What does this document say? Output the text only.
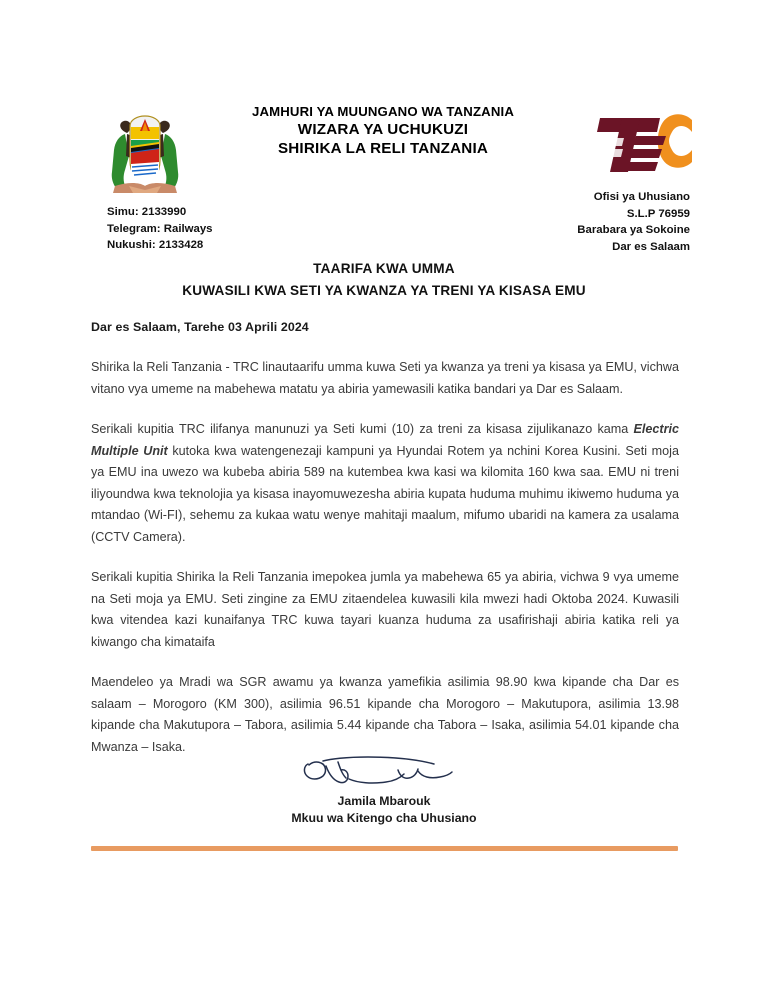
JAMHURI YA MUUNGANO WA TANZANIA
WIZARA YA UCHUKUZI
SHIRIKA LA RELI TANZANIA
Simu: 2133990
Telegram: Railways
Nukushi: 2133428
Ofisi ya Uhusiano
S.L.P 76959
Barabara ya Sokoine
Dar es Salaam
TAARIFA KWA UMMA
KUWASILI KWA SETI YA KWANZA YA TRENI YA KISASA EMU
Dar es Salaam, Tarehe 03 Aprili 2024

Shirika la Reli Tanzania - TRC linautaarifu umma kuwa Seti ya kwanza ya treni ya kisasa ya EMU, vichwa vitano vya umeme na mabehewa matatu ya abiria yamewasili katika bandari ya Dar es Salaam.

Serikali kupitia TRC ilifanya manunuzi ya Seti kumi (10) za treni za kisasa zijulikanazo kama Electric Multiple Unit kutoka kwa watengenezaji kampuni ya Hyundai Rotem ya nchini Korea Kusini. Seti moja ya EMU ina uwezo wa kubeba abiria 589 na kutembea kwa kasi wa kilomita 160 kwa saa. EMU ni treni iliyoundwa kwa teknolojia ya kisasa inayomuwezesha abiria kupata huduma muhimu ikiwemo huduma ya mtandao (Wi-FI), sehemu za kukaa watu wenye mahitaji maalum, mifumo ubaridi na kamera za usalama (CCTV Camera).

Serikali kupitia Shirika la Reli Tanzania imepokea jumla ya mabehewa 65 ya abiria, vichwa 9 vya umeme na Seti moja ya EMU. Seti zingine za EMU zitaendelea kuwasili kila mwezi hadi Oktoba 2024. Kuwasili kwa vitendea kazi kunaifanya TRC kuwa tayari kuanza huduma za usafirishaji abiria katika reli ya kiwango cha kimataifa

Maendeleo ya Mradi wa SGR awamu ya kwanza yamefikia asilimia 98.90 kwa kipande cha Dar es salaam – Morogoro (KM 300), asilimia 96.51 kipande cha Morogoro – Makutupora, asilimia 13.98 kipande cha Makutupora – Tabora, asilimia 5.44 kipande cha Tabora – Isaka, asilimia 54.01 kipande cha Mwanza – Isaka.

Jamila Mbarouk
Mkuu wa Kitengo cha Uhusiano
